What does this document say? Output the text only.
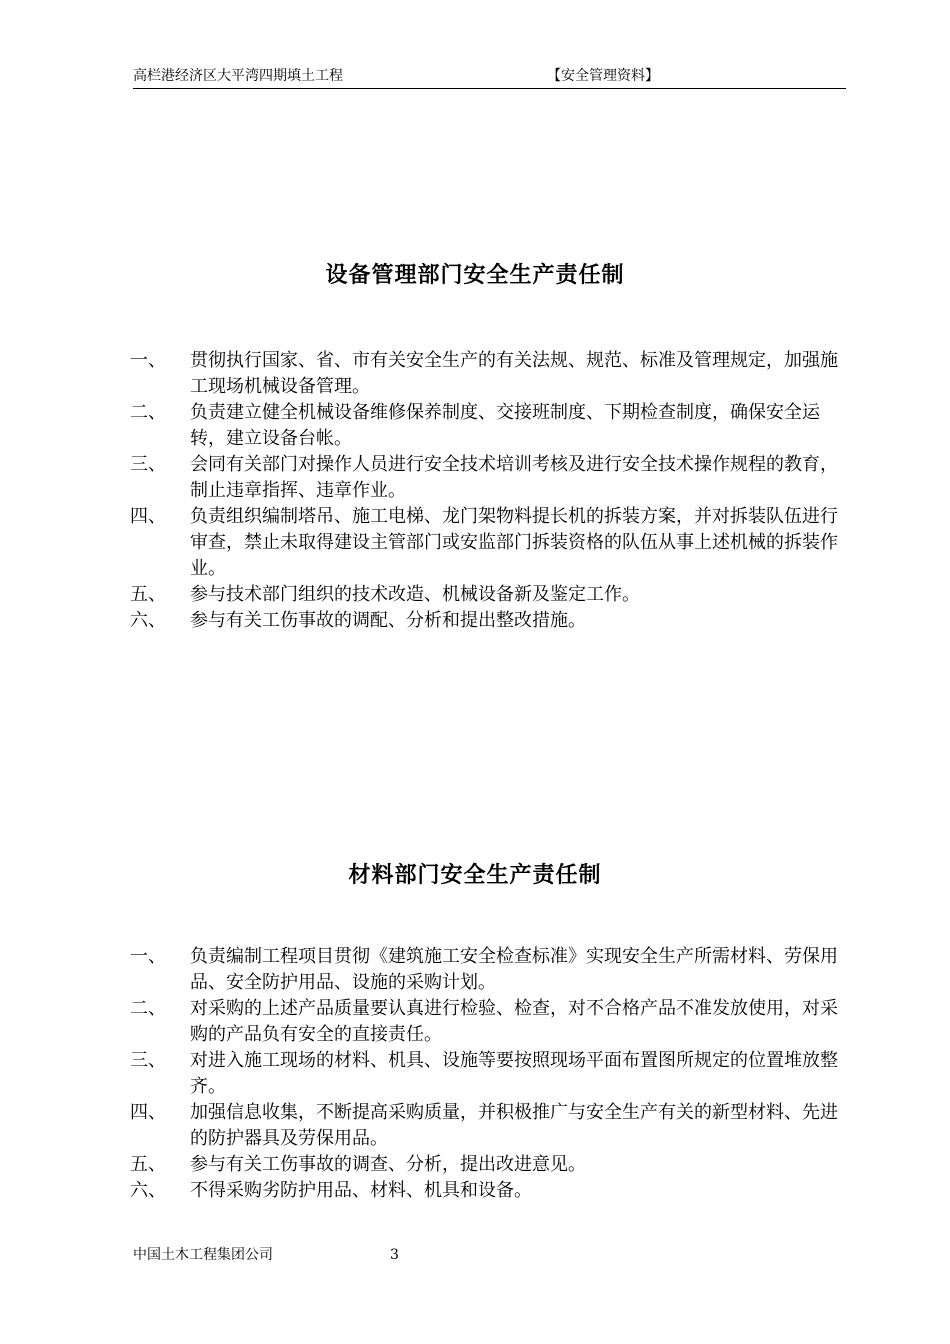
高栏港经济区大平湾四期填土工程	【安全管理资料】
设备管理部门安全生产责任制
一、 贯彻执行国家、省、市有关安全生产的有关法规、规范、标准及管理规定，加强施工现场机械设备管理。
二、 负责建立健全机械设备维修保养制度、交接班制度、下期检查制度，确保安全运转，建立设备台帐。
三、 会同有关部门对操作人员进行安全技术培训考核及进行安全技术操作规程的教育，制止违章指挥、违章作业。
四、 负责组织编制塔吊、施工电梯、龙门架物料提长机的拆装方案，并对拆装队伍进行审查，禁止未取得建设主管部门或安监部门拆装资格的队伍从事上述机械的拆装作业。
五、 参与技术部门组织的技术改造、机械设备新及鉴定工作。
六、 参与有关工伤事故的调配、分析和提出整改措施。
材料部门安全生产责任制
一、 负责编制工程项目贯彻《建筑施工安全检查标准》实现安全生产所需材料、劳保用品、安全防护用品、设施的采购计划。
二、 对采购的上述产品质量要认真进行检验、检查，对不合格产品不准发放使用，对采购的产品负有安全的直接责任。
三、 对进入施工现场的材料、机具、设施等要按照现场平面布置图所规定的位置堆放整齐。
四、 加强信息收集，不断提高采购质量，并积极推广与安全生产有关的新型材料、先进的防护器具及劳保用品。
五、 参与有关工伤事故的调查、分析，提出改进意见。
六、 不得采购劣防护用品、材料、机具和设备。
中国土木工程集团公司	3
